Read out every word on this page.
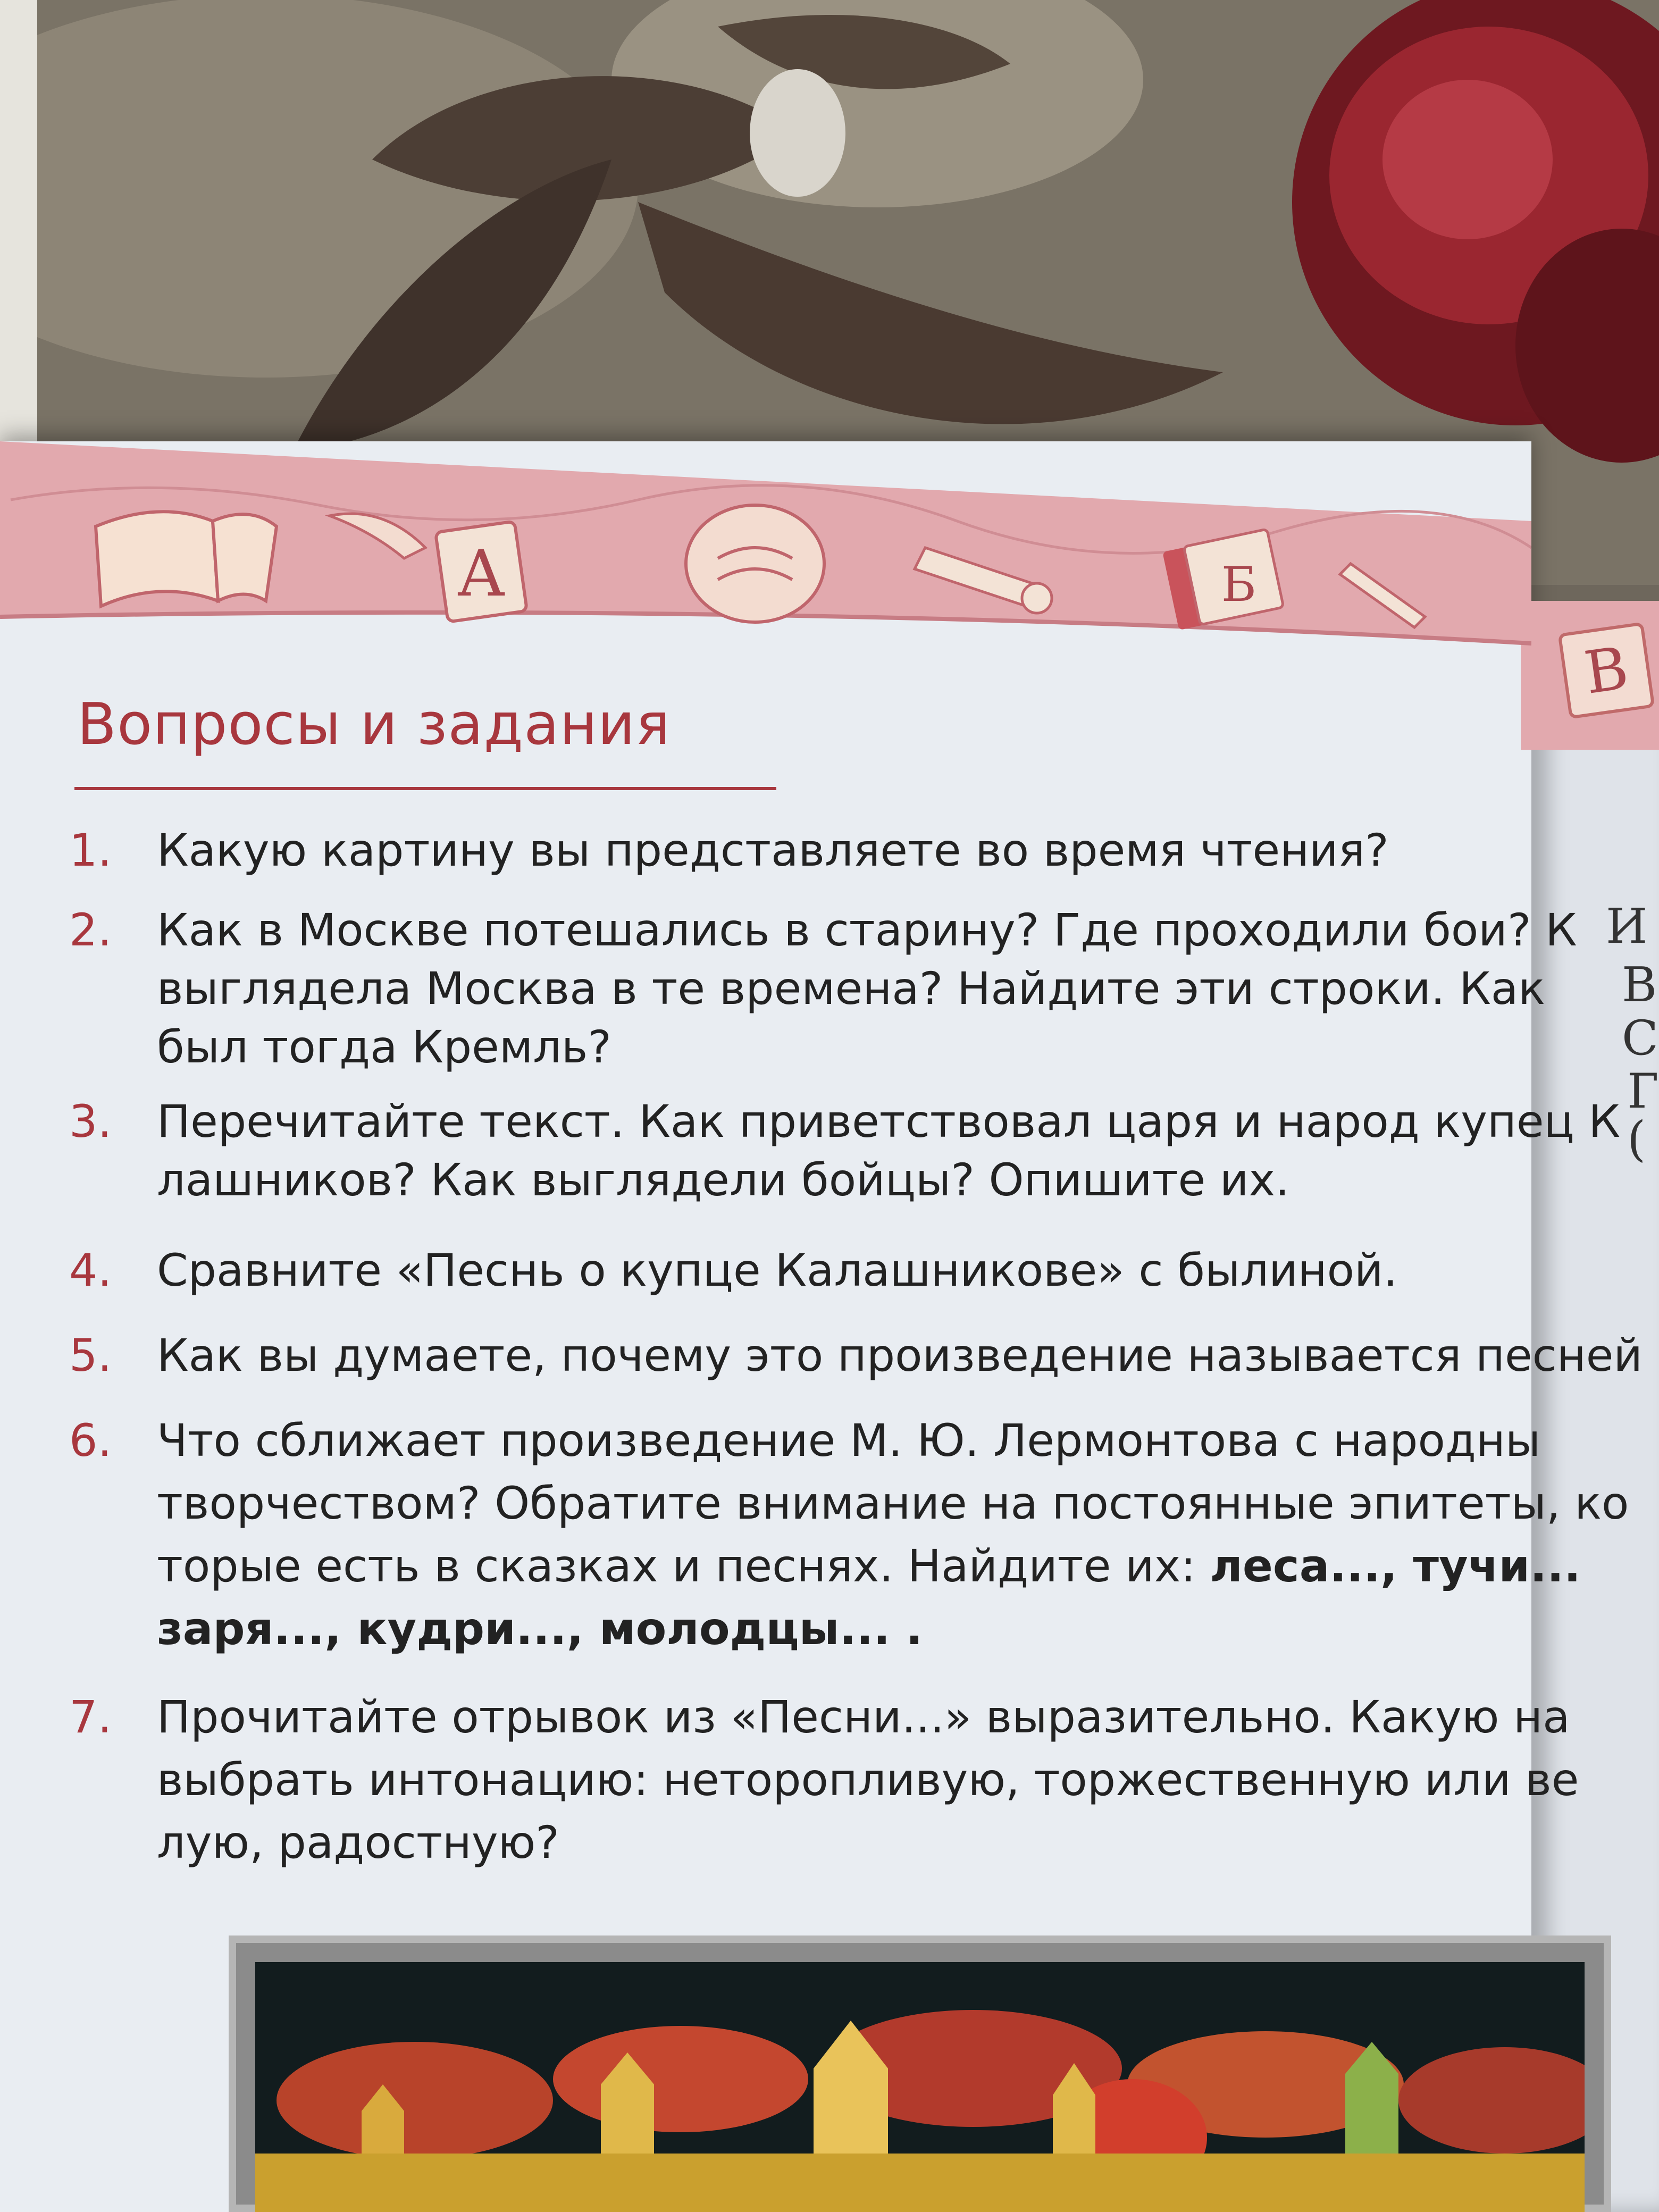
В
А	Б
Вопросы и задания
1. Какую картину вы представляете во время чтения?
2. Как в Москве потешались в старину? Где проходили бои? К
выглядела Москва в те времена? Найдите эти строки. Как
был тогда Кремль?
3. Перечитайте текст. Как приветствовал царя и народ купец К
лашников? Как выглядели бойцы? Опишите их.
4. Сравните «Песнь о купце Калашникове» с былиной.
5. Как вы думаете, почему это произведение называется песней
6. Что сближает произведение М. Ю. Лермонтова с народны
творчеством? Обратите внимание на постоянные эпитеты, ко
торые есть в сказках и песнях. Найдите их: леса..., тучи...
заря..., кудри..., молодцы... .
7. Прочитайте отрывок из «Песни...» выразительно. Какую на
выбрать интонацию: неторопливую, торжественную или ве
лую, радостную?
И
В
С
Г
(
